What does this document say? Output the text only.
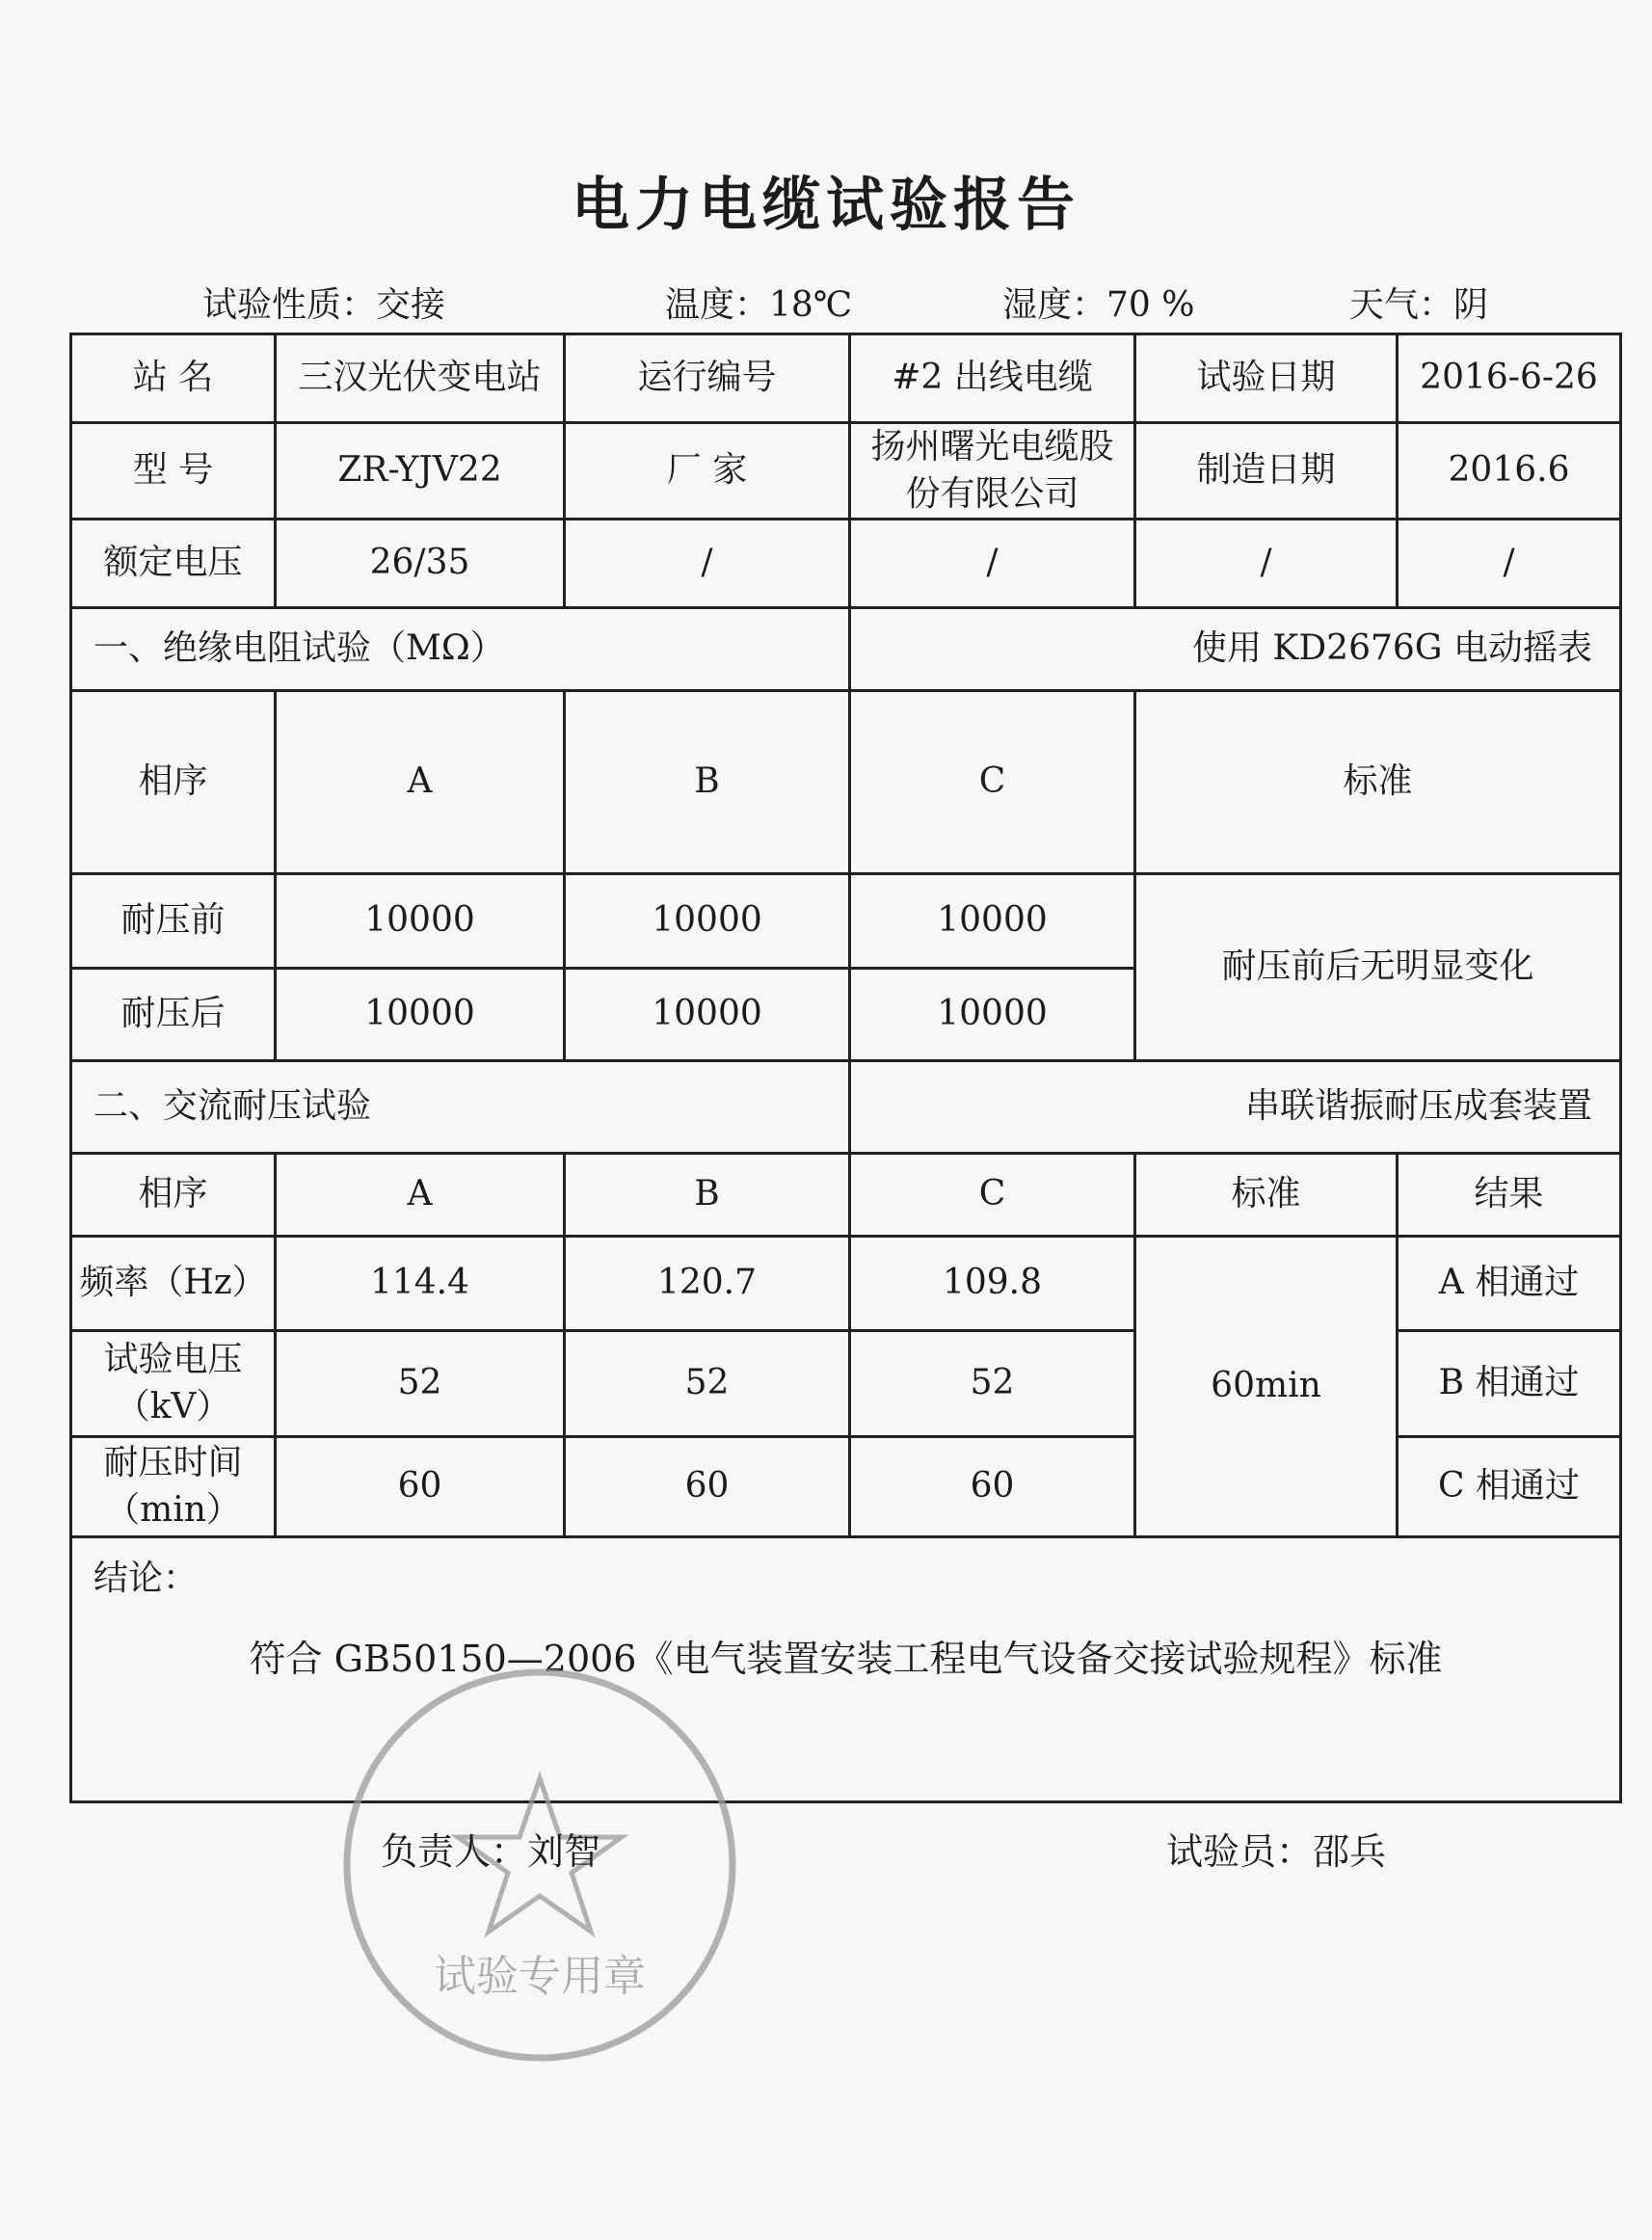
电力电缆试验报告
试验性质：交接	温度：18℃	湿度：70 %	天气：阴
站 名	三汉光伏变电站	运行编号	#2 出线电缆	试验日期	2016-6-26
型 号	ZR-YJV22	厂 家	扬州曙光电缆股份有限公司	制造日期	2016.6
额定电压	26/35	/	/	/	/
一、绝缘电阻试验（MΩ）			使用 KD2676G 电动摇表		
相序	A	B	C	标准	
耐压前	10000	10000	10000	耐压前后无明显变化	
耐压后	10000	10000	10000		
二、交流耐压试验			串联谐振耐压成套装置		
相序	A	B	C	标准	结果
频率（Hz）	114.4	120.7	109.8	60min	A 相通过
试验电压（kV）	52	52	52		B 相通过
耐压时间（min）	60	60	60		C 相通过

结论：
符合 GB50150—2006《电气装置安装工程电气设备交接试验规程》标准					
试验专用章
负责人：刘智	试验员：邵兵
